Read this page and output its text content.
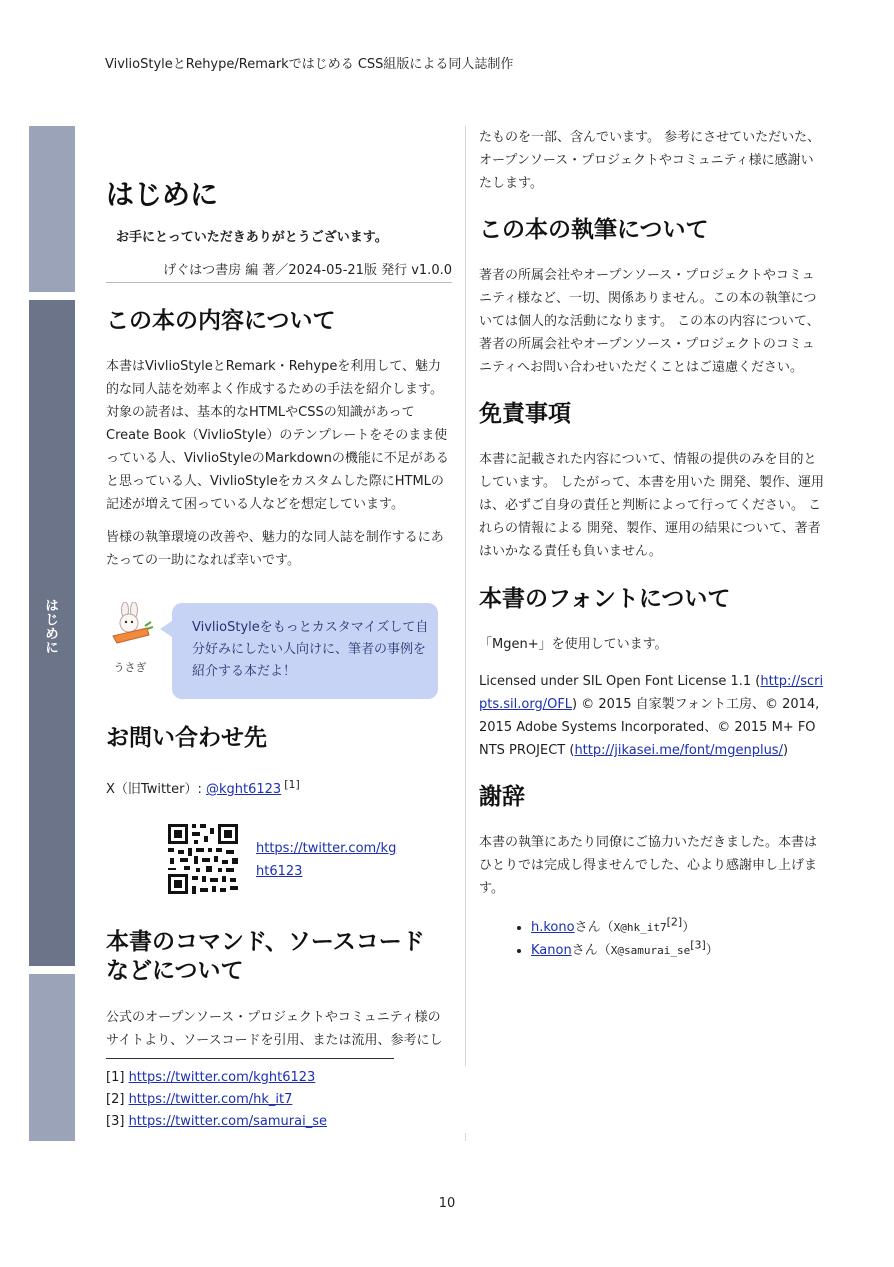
VivlioStyleとRehype/Remarkではじめる CSS組版による同人誌制作
は
じ
め
に
はじめに
お手にとっていただきありがとうございます。
げぐはつ書房 編 著／2024-05-21版 発行 v1.0.0
この本の内容について

本書はVivlioStyleとRemark・Rehypeを利用して、魅力的な同人誌を効率よく作成するための手法を紹介します。 対象の読者は、基本的なHTMLやCSSの知識があってCreate Book（VivlioStyle）のテンプレートをそのまま使っている人、VivlioStyleのMarkdownの機能に不足があると思っている人、VivlioStyleをカスタムした際にHTMLの記述が増えて困っている人などを想定しています。

皆様の執筆環境の改善や、魅力的な同人誌を制作するにあたっての一助になれば幸いです。

うさぎ
VivlioStyleをもっとカスタマイズして自分好みにしたい人向けに、筆者の事例を紹介する本だよ！
お問い合わせ先
X（旧Twitter）: @kght6123 [1]
https://twitter.com/kg
ht6123
本書のコマンド、ソースコード
などについて
公式のオープンソース・プロジェクトやコミュニティ様のサイトより、ソースコードを引用、または流用、参考にし
たものを一部、含んでいます。 参考にさせていただいた、オープンソース・プロジェクトやコミュニティ様に感謝いたします。
この本の執筆について
著者の所属会社やオープンソース・プロジェクトやコミュニティ様など、一切、関係ありません。この本の執筆については個人的な活動になります。 この本の内容について、著者の所属会社やオープンソース・プロジェクトのコミュニティへお問い合わせいただくことはご遠慮ください。
免責事項
本書に記載された内容について、情報の提供のみを目的としています。 したがって、本書を用いた 開発、製作、運用は、必ずご自身の責任と判断によって行ってください。 これらの情報による 開発、製作、運用の結果について、著者はいかなる責任も負いません。
本書のフォントについて
「Mgen+」を使用しています。
Licensed under SIL Open Font License 1.1 (http://scripts.sil.org/OFL) © 2015 自家製フォント工房、© 2014, 2015 Adobe Systems Incorporated、© 2015 M+ FONTS PROJECT (http://jikasei.me/font/mgenplus/)
謝辞
本書の執筆にあたり同僚にご協力いただきました。本書はひとりでは完成し得ませんでした、心より感謝申し上げます。
• h.konoさん（X@hk_it7[2]）
• Kanonさん（X@samurai_se[3]）
[1] https://twitter.com/kght6123
[2] https://twitter.com/hk_it7
[3] https://twitter.com/samurai_se
10
